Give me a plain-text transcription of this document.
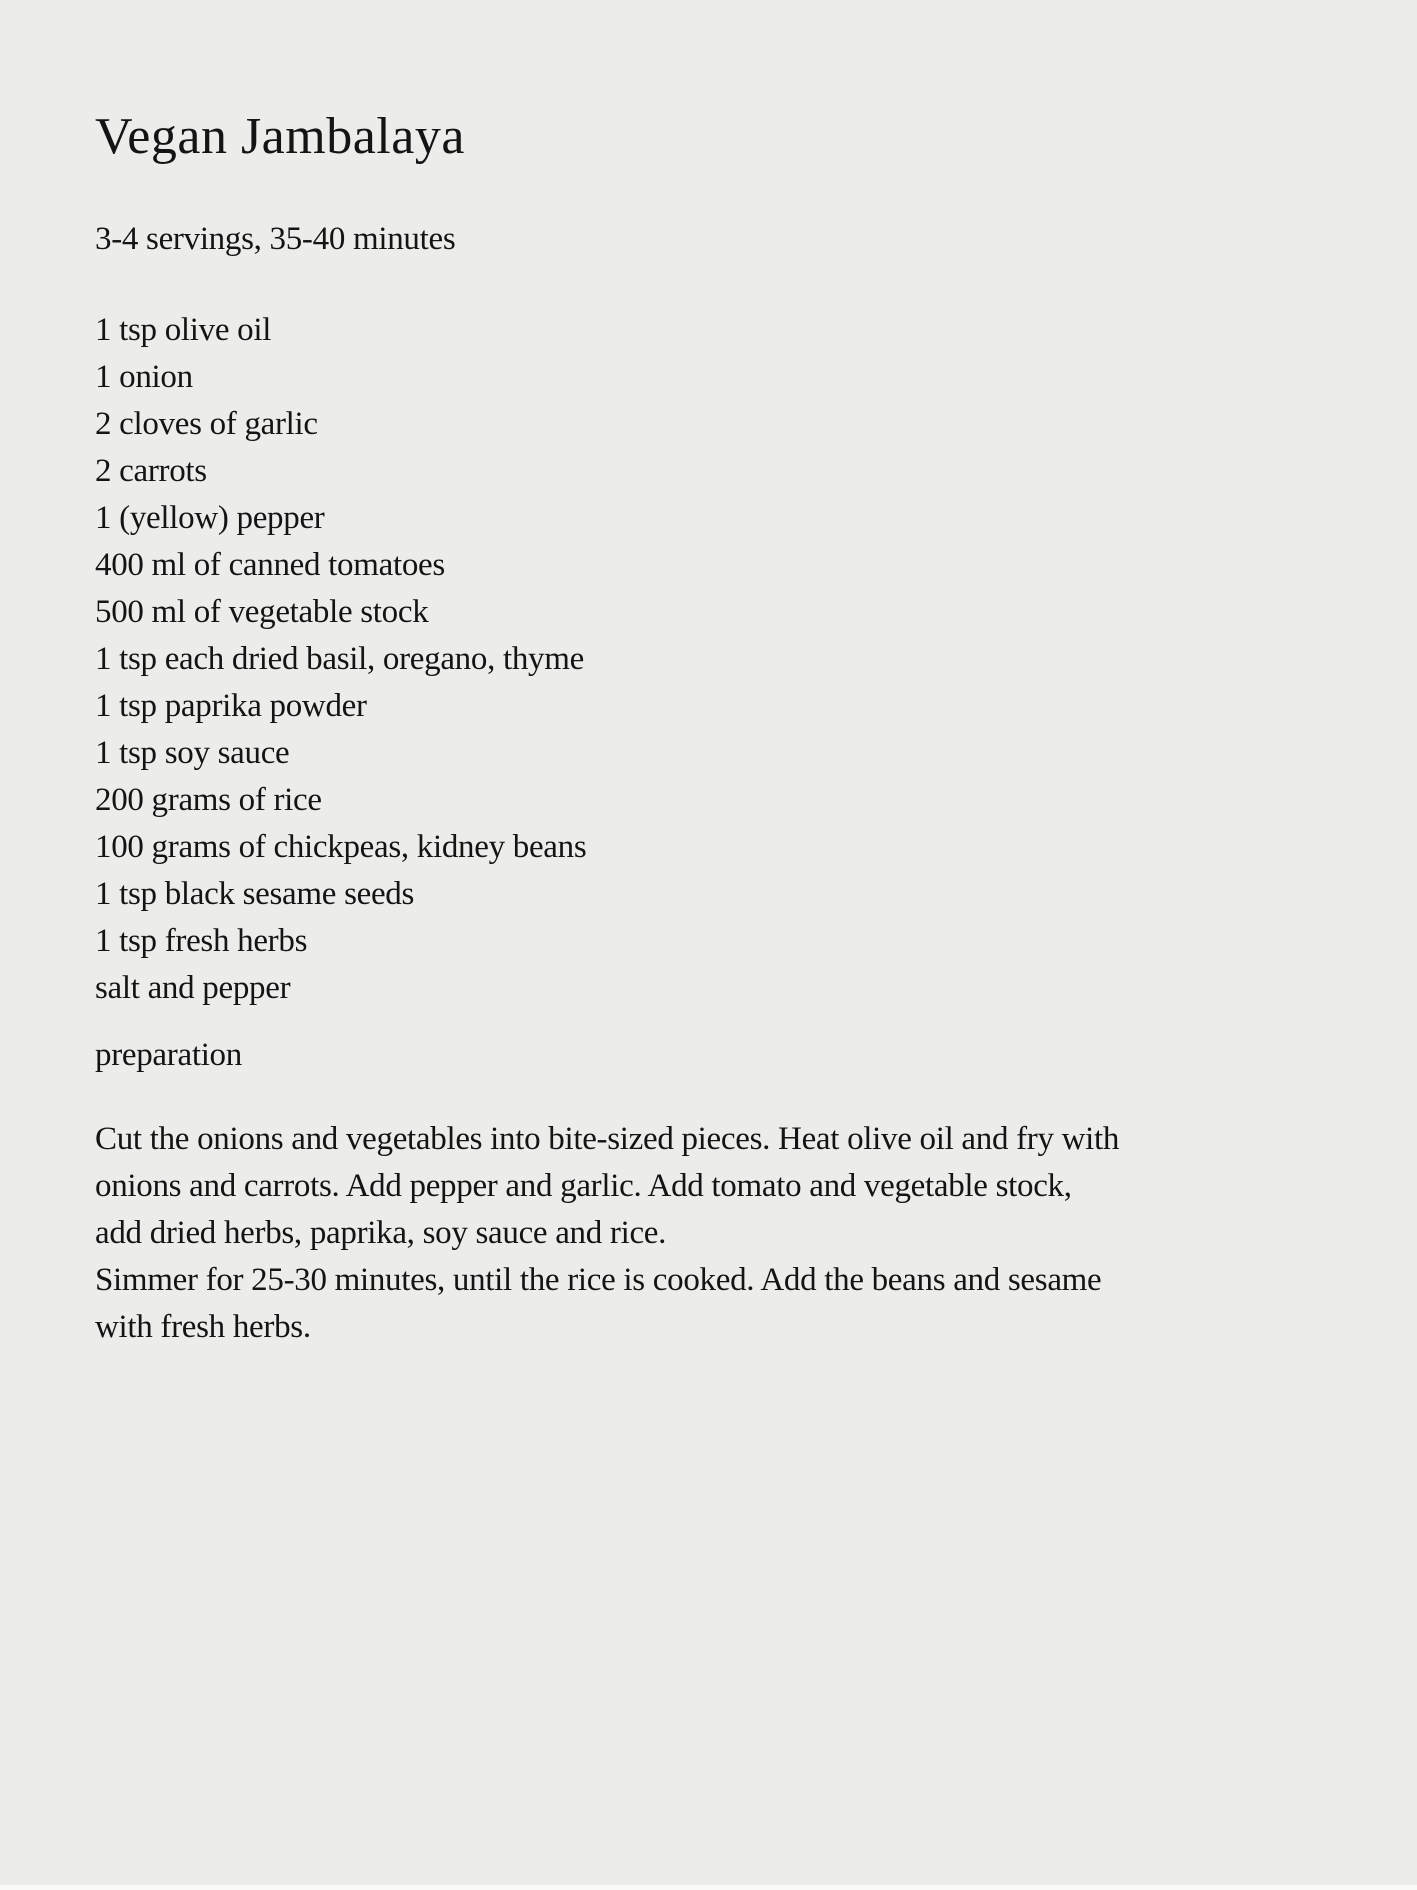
Vegan Jambalaya
3-4 servings, 35-40 minutes
1 tsp olive oil
1 onion
2 cloves of garlic
2 carrots
1 (yellow) pepper
400 ml of canned tomatoes
500 ml of vegetable stock
1 tsp each dried basil, oregano, thyme
1 tsp paprika powder
1 tsp soy sauce
200 grams of rice
100 grams of chickpeas, kidney beans
1 tsp black sesame seeds
1 tsp fresh herbs
salt and pepper
preparation
Cut the onions and vegetables into bite-sized pieces. Heat olive oil and fry with
onions and carrots. Add pepper and garlic. Add tomato and vegetable stock,
add dried herbs, paprika, soy sauce and rice.
Simmer for 25-30 minutes, until the rice is cooked. Add the beans and sesame
with fresh herbs.
